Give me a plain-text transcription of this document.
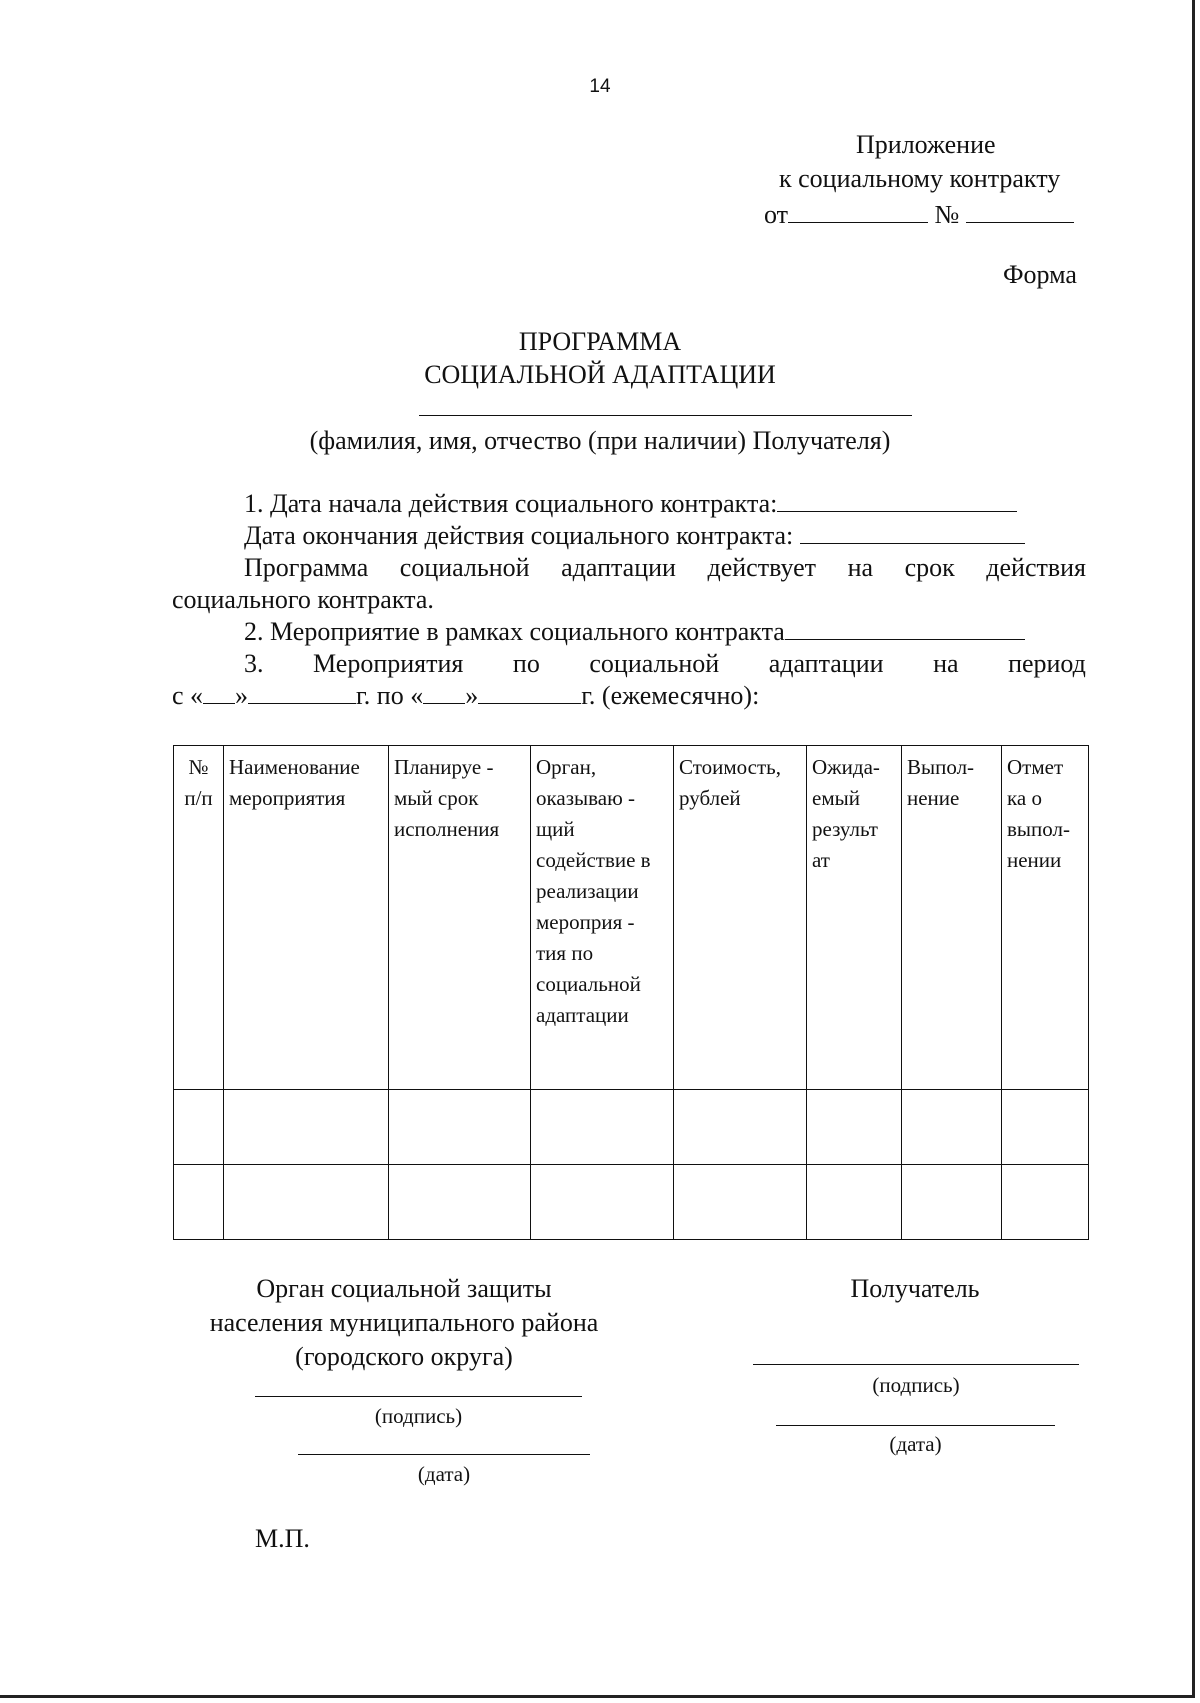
14
Приложение
к социальному контракту
от	№
Форма
ПРОГРАММА
СОЦИАЛЬНОЙ АДАПТАЦИИ
(фамилия, имя, отчество (при наличии) Получателя)
1. Дата начала действия социального контракта:
Дата окончания действия социального контракта:
Программа социальной адаптации действует на срок действия
социального контракта.
2. Мероприятие в рамках социального контракта
3. Мероприятия по социальной адаптации на период
с « »	г. по « »	г. (ежемесячно):
№ п/п	Наименование мероприятия	Планируе - мый срок исполнения	Орган, оказываю - щий содействие в реализации мероприя - тия по социальной адаптации	Стоимость, рублей	Ожида- емый результ ат	Выпол- нение	Отмет ка о выпол- нении

Орган социальной защиты
населения муниципального района
(городского округа)
(подпись)
(дата)
Получатель
(подпись)
(дата)
М.П.
